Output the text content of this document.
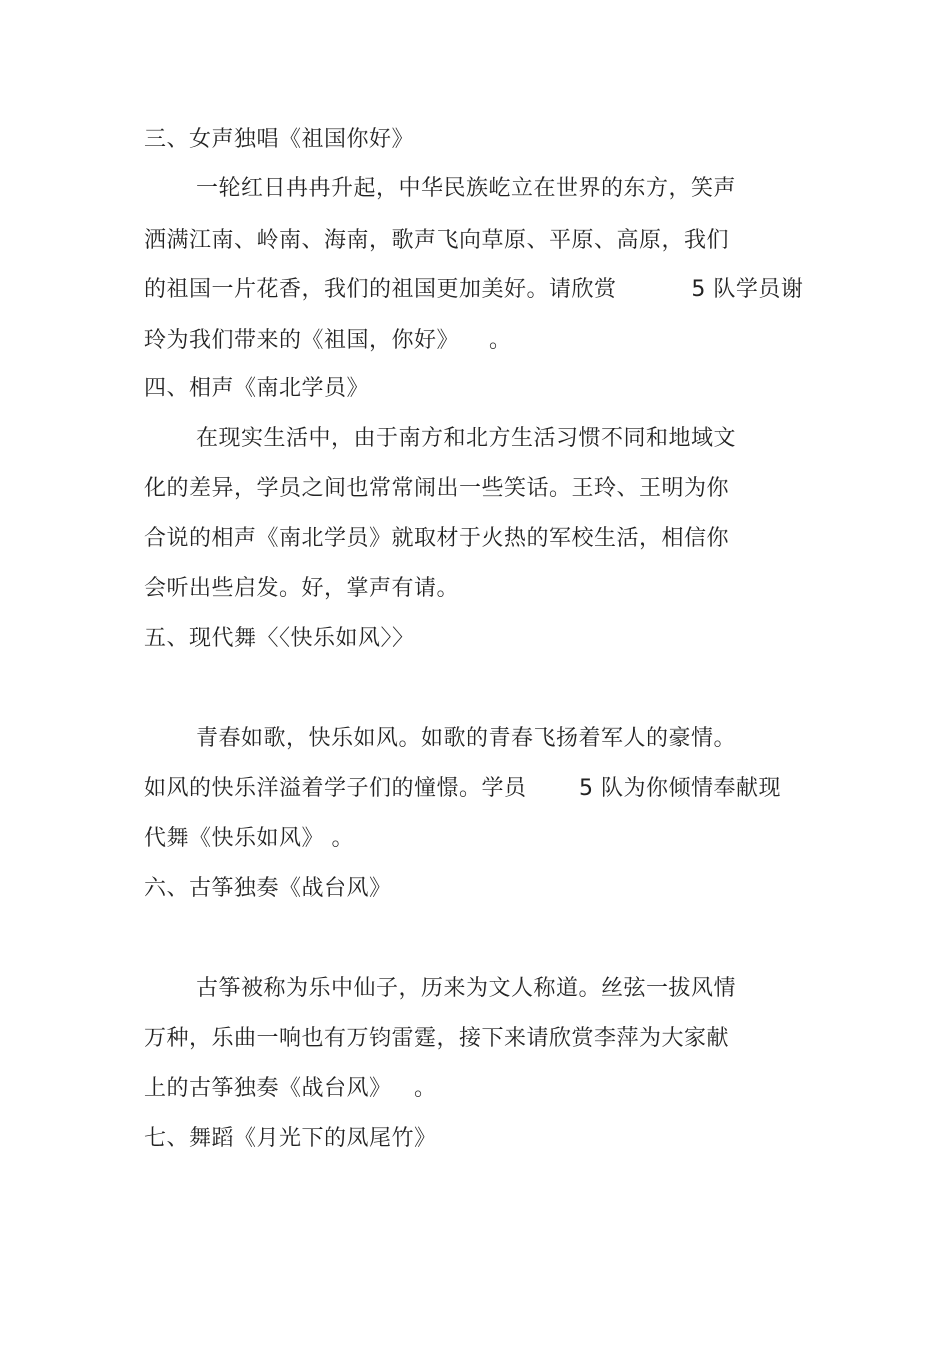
三、女声独唱《祖国你好》
一轮红日冉冉升起，中华民族屹立在世界的东方，笑声
洒满江南、岭南、海南，歌声飞向草原、平原、高原，我们
的祖国一片花香，我们的祖国更加美好。请欣赏          5 队学员谢
玲为我们带来的《祖国，你好》    。
四、相声《南北学员》
在现实生活中，由于南方和北方生活习惯不同和地域文
化的差异，学员之间也常常闹出一些笑话。王玲、王明为你
合说的相声《南北学员》就取材于火热的军校生活，相信你
会听出些启发。好，掌声有请。
五、现代舞〈〈快乐如风〉〉
青春如歌，快乐如风。如歌的青春飞扬着军人的豪情。
如风的快乐洋溢着学子们的憧憬。学员       5 队为你倾情奉献现
代舞《快乐如风》 。
六、古筝独奏《战台风》
古筝被称为乐中仙子，历来为文人称道。丝弦一拔风情
万种，乐曲一响也有万钧雷霆，接下来请欣赏李萍为大家献
上的古筝独奏《战台风》   。
七、舞蹈《月光下的凤尾竹》
